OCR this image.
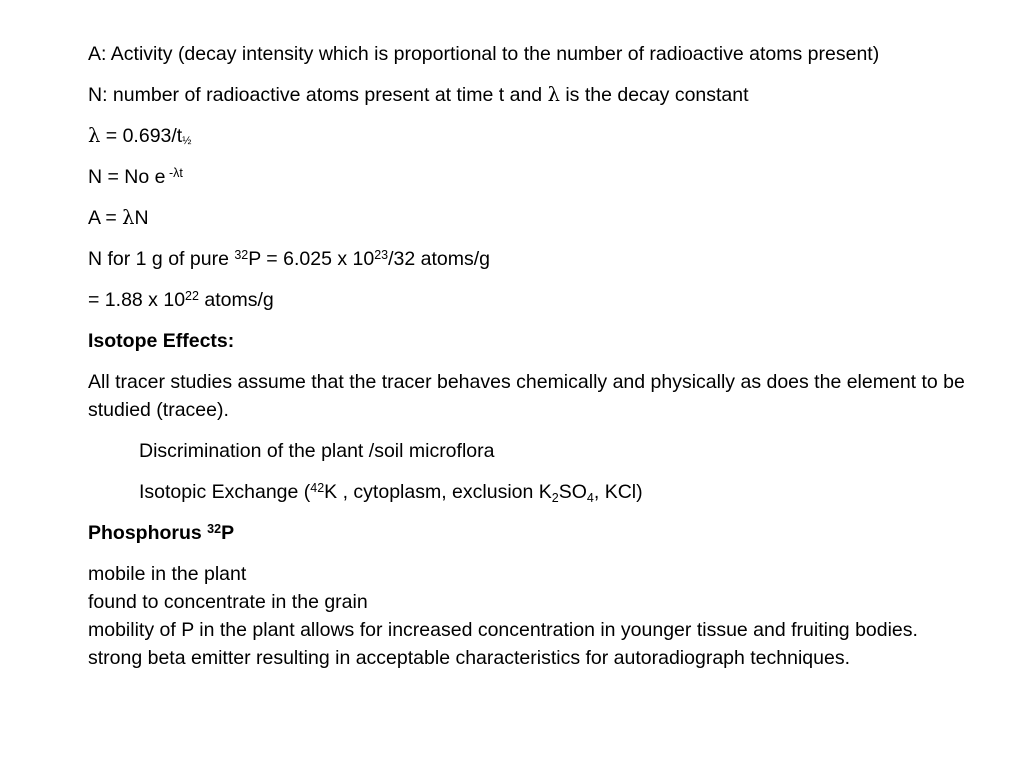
A: Activity (decay intensity which is proportional to the number of radioactive atoms present)

N: number of radioactive atoms present at time t and λ is the decay constant

λ = 0.693/t½

N = No e $^{-\lambda t}$

A = λN

N for 1 g of pure $^{32}$P = 6.025 x $10^{23}/32$ atoms/g

= 1.88 x $10^{22}$ atoms/g

Isotope Effects:

All tracer studies assume that the tracer behaves chemically and physically as does the element to be studied (tracee).

Discrimination of the plant /soil microflora

Isotopic Exchange ($^{42}$K , cytoplasm, exclusion $K_2SO_4$, KCl)

Phosphorus $^{32}$P

mobile in the plant

found to concentrate in the grain

mobility of P in the plant allows for increased concentration in younger tissue and fruiting bodies.

strong beta emitter resulting in acceptable characteristics for autoradiograph techniques.
